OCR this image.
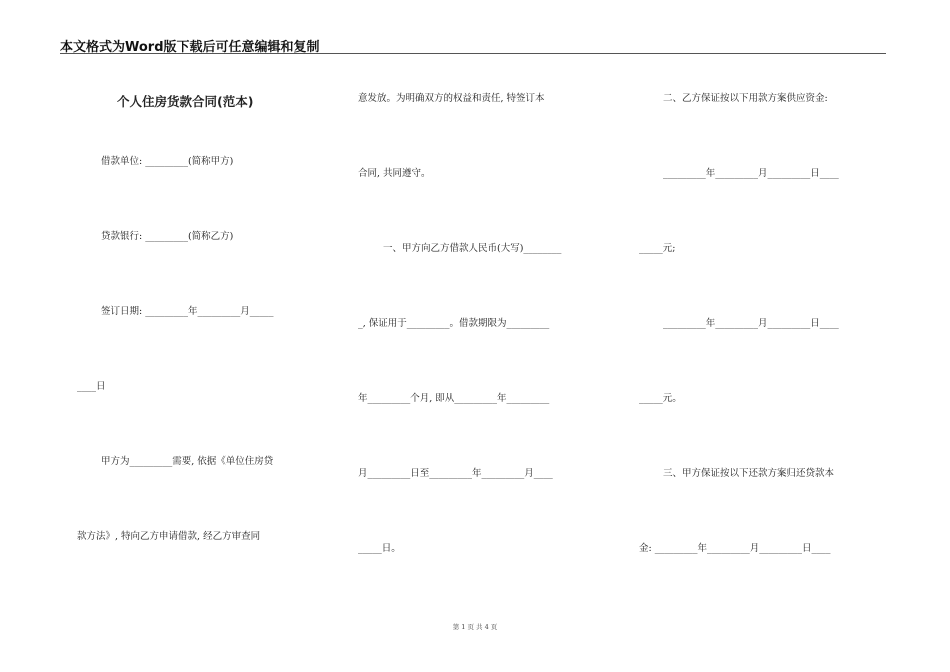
本文格式为Word版下载后可任意编辑和复制
个人住房货款合同(范本)
借款单位: _________(简称甲方)
贷款银行: _________(简称乙方)
签订日期: _________年_________月_____
____日
甲方为_________需要, 依据《单位住房贷
款方法》, 特向乙方申请借款, 经乙方审查同
意发放。为明确双方的权益和责任, 特签订本
合同, 共同遵守。
一、甲方向乙方借款人民币(大写)________
_, 保证用于_________。借款期限为_________
年_________个月, 即从_________年_________
月_________日至_________年_________月____
_____日。
二、乙方保证按以下用款方案供应资金:
_________年_________月_________日____
_____元;
_________年_________月_________日____
_____元。
三、甲方保证按以下还款方案归还贷款本
金: _________年_________月_________日____
第 1 页 共 4 页
